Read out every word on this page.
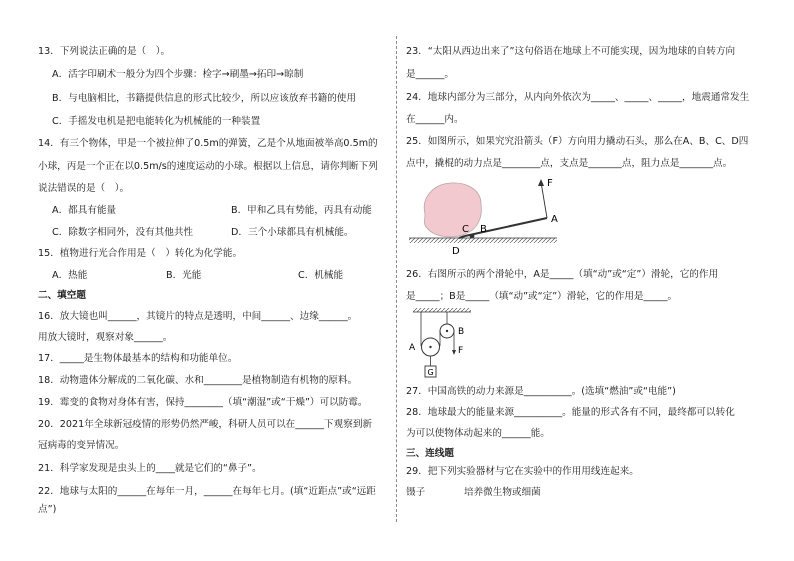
13．下列说法正确的是（　）。
A．活字印刷术一般分为四个步骤：检字→刷墨→拓印→晾制
B．与电脑相比，书籍提供信息的形式比较少，所以应该放弃书籍的使用
C．手摇发电机是把电能转化为机械能的一种装置
14．有三个物体，甲是一个被拉伸了0.5m的弹簧，乙是个从地面被举高0.5m的
小球，丙是一个正在以0.5m/s的速度运动的小球。根据以上信息，请你判断下列
说法错误的是（　）。
A．都具有能量	B．甲和乙具有势能，丙具有动能
C．除数字相同外，没有其他共性	D．三个小球都具有机械能。
15．植物进行光合作用是（　）转化为化学能。
A．热能	B．光能	C．机械能
二、填空题
16．放大镜也叫______，其镜片的特点是透明，中间______、边缘______。
用放大镜时，观察对象______。
17．_____是生物体最基本的结构和功能单位。
18．动物遗体分解成的二氧化碳、水和________是植物制造有机物的原料。
19．霉变的食物对身体有害，保持________（填“潮湿”或“干燥”）可以防霉。
20．2021年全球新冠疫情的形势仍然严峻，科研人员可以在______下观察到新
冠病毒的变异情况。
21．科学家发现是虫头上的____就是它们的“鼻子”。
22．地球与太阳的______在每年一月，______在每年七月。(填“近距点”或“远距
点”)
23．“太阳从西边出来了”这句俗语在地球上不可能实现，因为地球的自转方向
是______。
24．地球内部分为三部分，从内向外依次为_____、_____、_____，地震通常发生
在______内。
25．如图所示，如果究究沿箭头（F）方向用力撬动石头，那么在A、B、C、D四
点中，撬棍的动力点是________点，支点是_______点，阻力点是_______点。
F
A
B
C
D
26．右图所示的两个滑轮中，A是_____（填“动”或“定”）滑轮，它的作用
是_____；B是_____（填“动”或“定”）滑轮，它的作用是_____。
G
A
B
F
27．中国高铁的动力来源是__________。(选填“燃油”或“电能”)
28．地球最大的能量来源__________。能量的形式各有不同，最终都可以转化
为可以使物体动起来的______能。
三、连线题
29．把下列实验器材与它在实验中的作用用线连起来。
镊子	培养微生物或细菌
